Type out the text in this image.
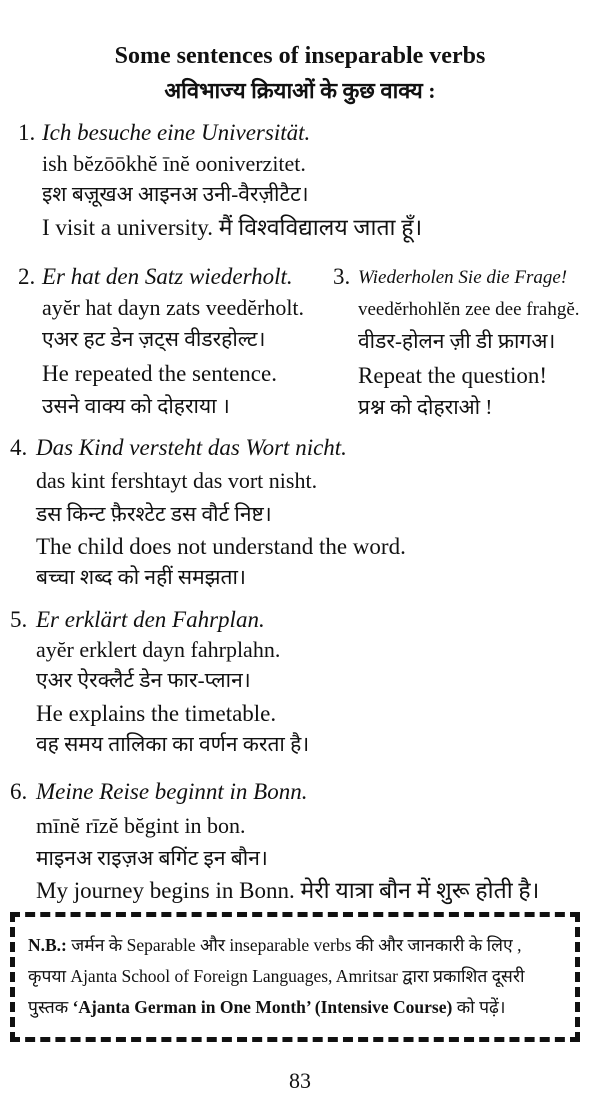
Some sentences of inseparable verbs
अविभाज्य क्रियाओं के कुछ वाक्य :
1. Ich besuche eine Universität.
ish bĕzōōkhĕ īnĕ ooniverzitet.
इश बज़ूखअ आइनअ उनी-वैरज़ीटैट।
I visit a university. मैं विश्वविद्यालय जाता हूँ।
2. Er hat den Satz wiederholt.
ayĕr hat dayn zats veedĕrholt.
एअर हट डेन ज़ट्स वीडरहोल्ट।
He repeated the sentence.
उसने वाक्य को दोहराया ।
3. Wiederholen Sie die Frage!
veedĕrhohlĕn zee dee frahgĕ.
वीडर-होलन ज़ी डी फ्रागअ।
Repeat the question!
प्रश्न को दोहराओ !
4. Das Kind versteht das Wort nicht.
das kint fershtayt das vort nisht.
डस किन्ट फ़ैरश्टेट डस वौर्ट निष्ट।
The child does not understand the word.
बच्चा शब्द को नहीं समझता।
5. Er erklärt den Fahrplan.
ayĕr erklert dayn fahrplahn.
एअर ऐरक्लैर्ट डेन फार-प्लान।
He explains the timetable.
वह समय तालिका का वर्णन करता है।
6. Meine Reise beginnt in Bonn.
mīnĕ rīzĕ bĕgint in bon.
माइनअ राइज़अ बगिंट इन बौन।
My journey begins in Bonn. मेरी यात्रा बौन में शुरू होती है।
N.B.: जर्मन के Separable और inseparable verbs की और जानकारी के लिए , कृपया Ajanta School of Foreign Languages, Amritsar द्वारा प्रकाशित दूसरी पुस्तक ‘Ajanta German in One Month’ (Intensive Course) को पढ़ें।
83
